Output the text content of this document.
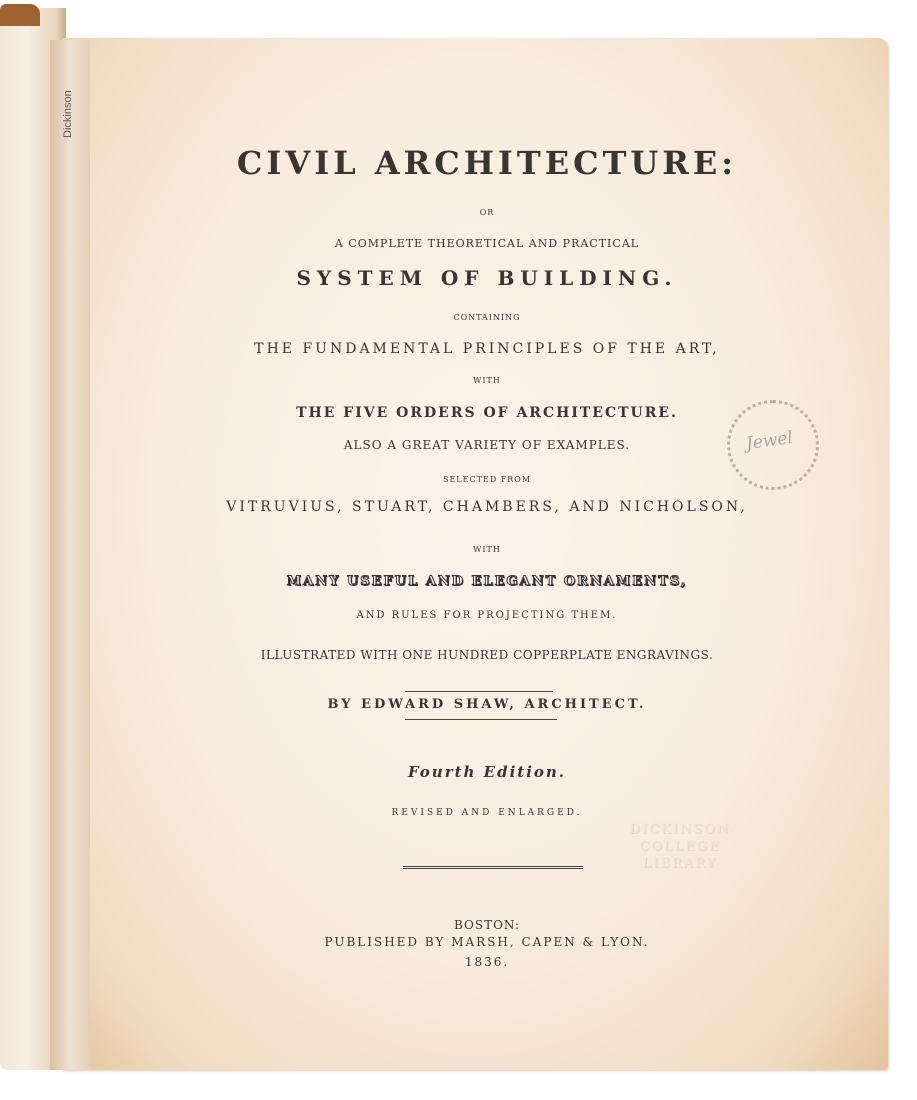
Dickinson
CIVIL ARCHITECTURE:
OR
A COMPLETE THEORETICAL AND PRACTICAL
SYSTEM OF BUILDING.
CONTAINING
THE FUNDAMENTAL PRINCIPLES OF THE ART,
WITH
THE FIVE ORDERS OF ARCHITECTURE.
ALSO A GREAT VARIETY OF EXAMPLES.
SELECTED FROM
VITRUVIUS, STUART, CHAMBERS, AND NICHOLSON,
WITH
MANY USEFUL AND ELEGANT ORNAMENTS,
AND RULES FOR PROJECTING THEM.
ILLUSTRATED WITH ONE HUNDRED COPPERPLATE ENGRAVINGS.
BY EDWARD SHAW, ARCHITECT.
Fourth Edition.
REVISED AND ENLARGED.
BOSTON:
PUBLISHED BY MARSH, CAPEN & LYON.
1836.
Jewel
DICKINSON COLLEGE LIBRARY
